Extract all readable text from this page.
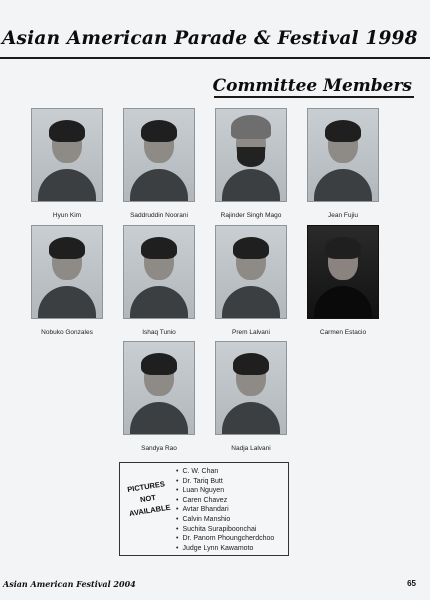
Asian American Parade & Festival 1998
Committee Members
Hyun Kim	Saddruddin Noorani	Rajinder Singh Mago	Jean Fujiu
Nobuko Gonzales	Ishaq Tunio	Prem Lalvani	Carmen Estacio
Sandya Rao	Nadja Lalvani
PICTURES
NOT
AVAILABLE
• C. W. Chan
• Dr. Tariq Butt
• Luan Nguyen
• Caren Chavez
• Avtar Bhandari
• Calvin Manshio
• Suchita Surapiboonchai
• Dr. Panom Phoungcherdchoo
• Judge Lynn Kawamoto
Asian American Festival 2004	65
